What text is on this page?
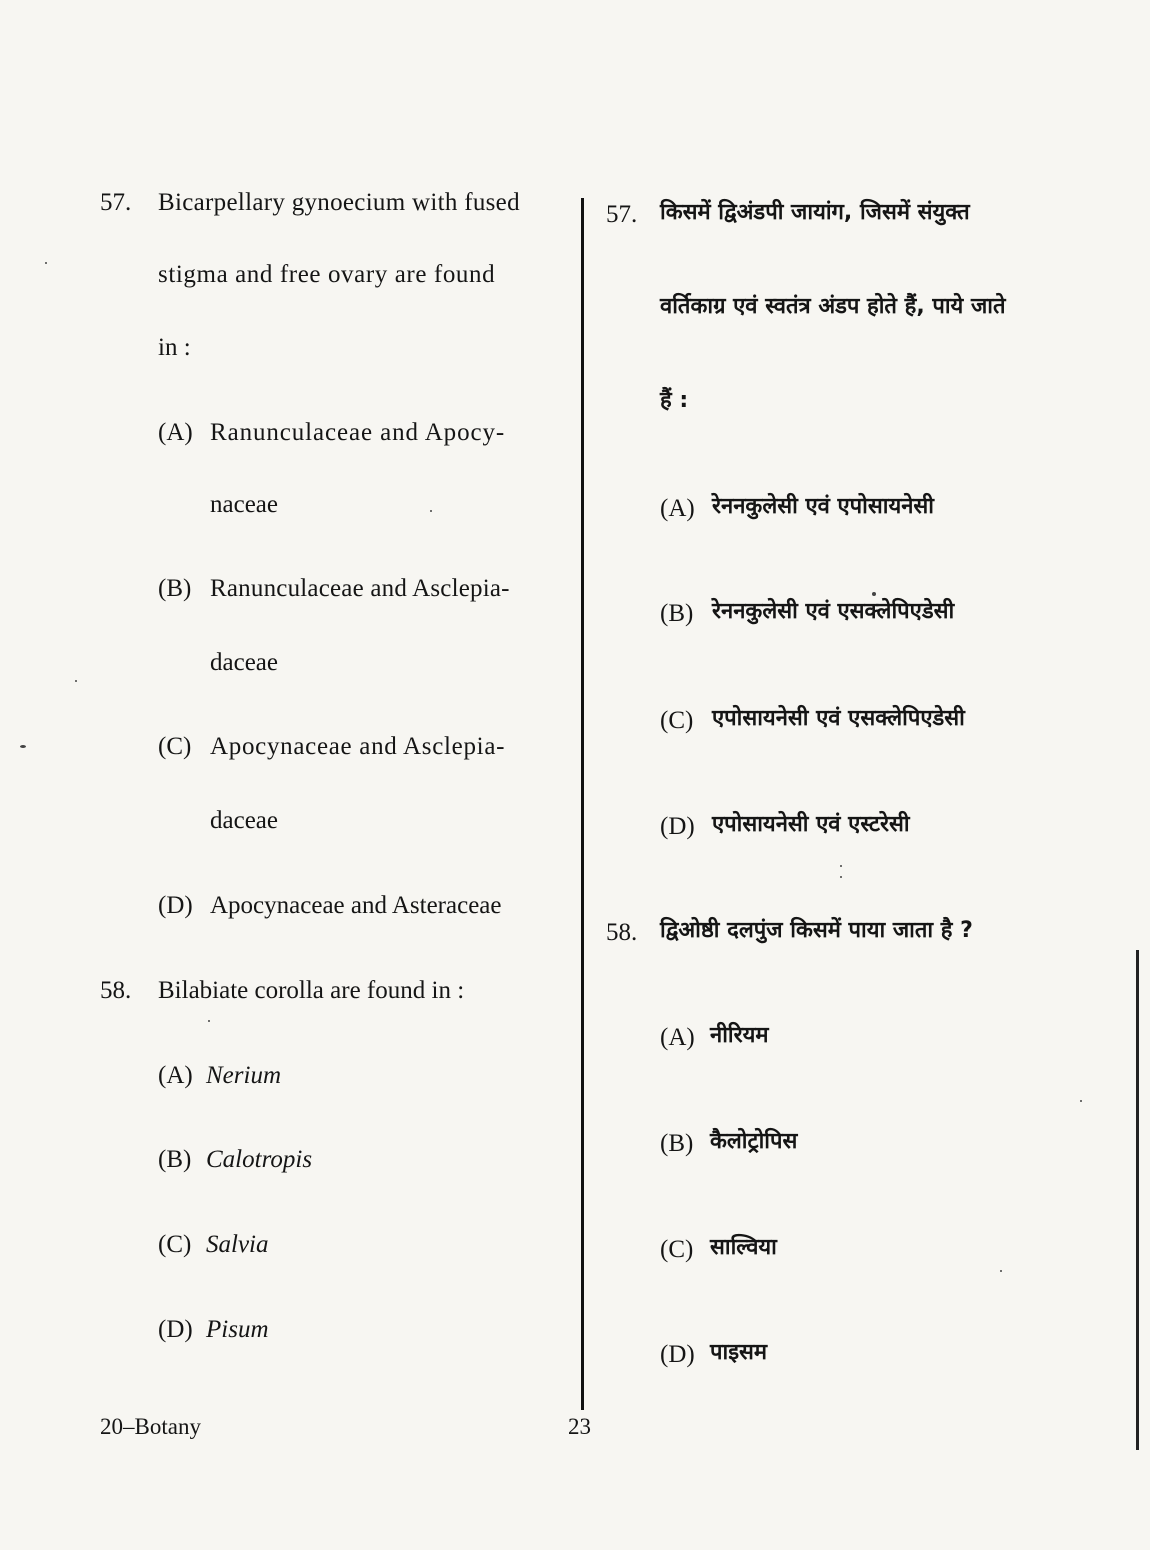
57. Bicarpellary gynoecium with fused
stigma and free ovary are found
in :
(A) Ranunculaceae and Apocy-
naceae
(B) Ranunculaceae and Asclepia-
daceae
(C) Apocynaceae and Asclepia-
daceae
(D) Apocynaceae and Asteraceae
58. Bilabiate corolla are found in :
(A) Nerium
(B) Calotropis
(C) Salvia
(D) Pisum
57. किसमें द्विअंडपी जायांग, जिसमें संयुक्त
वर्तिकाग्र एवं स्वतंत्र अंडप होते हैं, पाये जाते
हैं :
(A) रेननकुलेसी एवं एपोसायनेसी
(B) रेननकुलेसी एवं एसक्लेपिएडेसी
(C) एपोसायनेसी एवं एसक्लेपिएडेसी
(D) एपोसायनेसी एवं एस्टरेसी
58. द्विओष्ठी दलपुंज किसमें पाया जाता है ?
(A) नीरियम
(B) कैलोट्रोपिस
(C) साल्विया
(D) पाइसम
20–Botany	23
